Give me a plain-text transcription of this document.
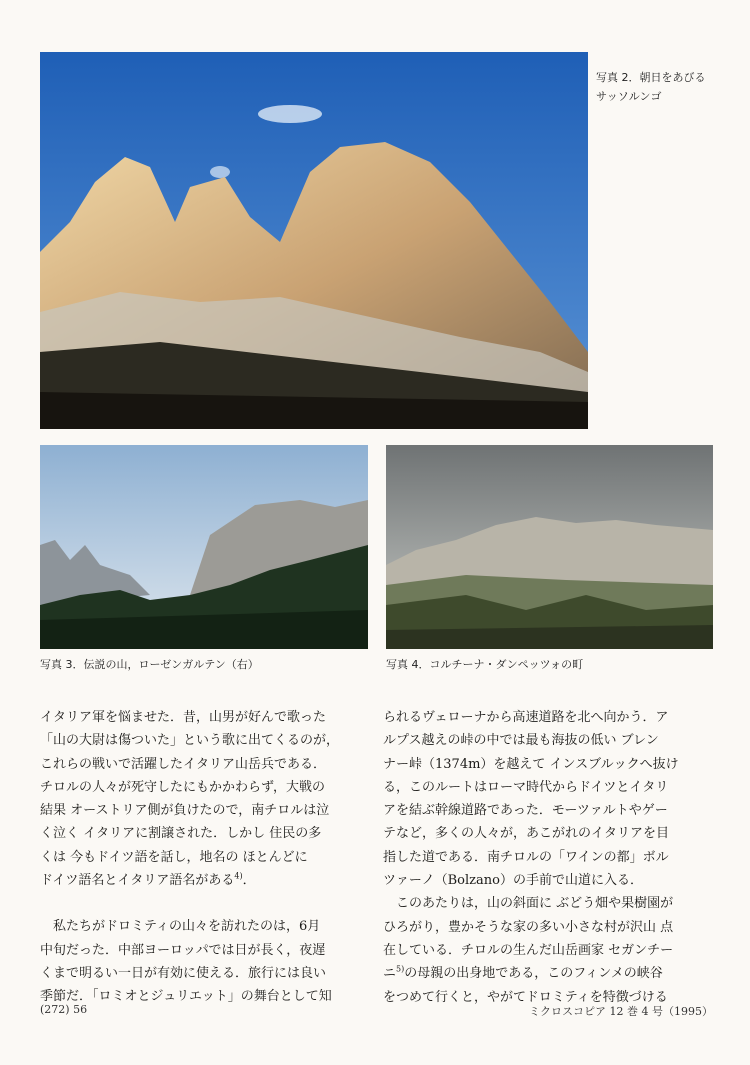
写真 2．朝日をあびる
サッソルンゴ
写真 3．伝説の山，ローゼンガルテン（右）	写真 4．コルチーナ・ダンペッツォの町

イタリア軍を悩ませた．昔，山男が好んで歌った

「山の大尉は傷ついた」という歌に出てくるのが，

これらの戦いで活躍したイタリア山岳兵である．

チロルの人々が死守したにもかかわらず，大戦の

結果 オーストリア側が負けたので，南チロルは泣

く泣く イタリアに割譲された．しかし 住民の多

くは 今もドイツ語を話し，地名の ほとんどに

ドイツ語名とイタリア語名がある$^{4)}$．

私たちがドロミティの山々を訪れたのは，6月

中旬だった．中部ヨーロッパでは日が長く，夜遅

くまで明るい一日が有効に使える．旅行には良い

季節だ．「ロミオとジュリエット」の舞台として知

られるヴェローナから高速道路を北へ向かう．ア

ルプス越えの峠の中では最も海抜の低い ブレン

ナー峠（1374m）を越えて インスブルックへ抜け

る，このルートはローマ時代からドイツとイタリ

アを結ぶ幹線道路であった．モーツァルトやゲー

テなど，多くの人々が，あこがれのイタリアを目

指した道である．南チロルの「ワインの都」ボル

ツァーノ（Bolzano）の手前で山道に入る．

このあたりは，山の斜面に ぶどう畑や果樹園が

ひろがり，豊かそうな家の多い小さな村が沢山 点

在している．チロルの生んだ山岳画家 セガンチー

ニ$^{5)}$の母親の出身地である，このフィンメの峡谷

をつめて行くと，やがてドロミティを特徴づける

(272) 56	ミクロスコピア 12 巻 4 号（1995）
